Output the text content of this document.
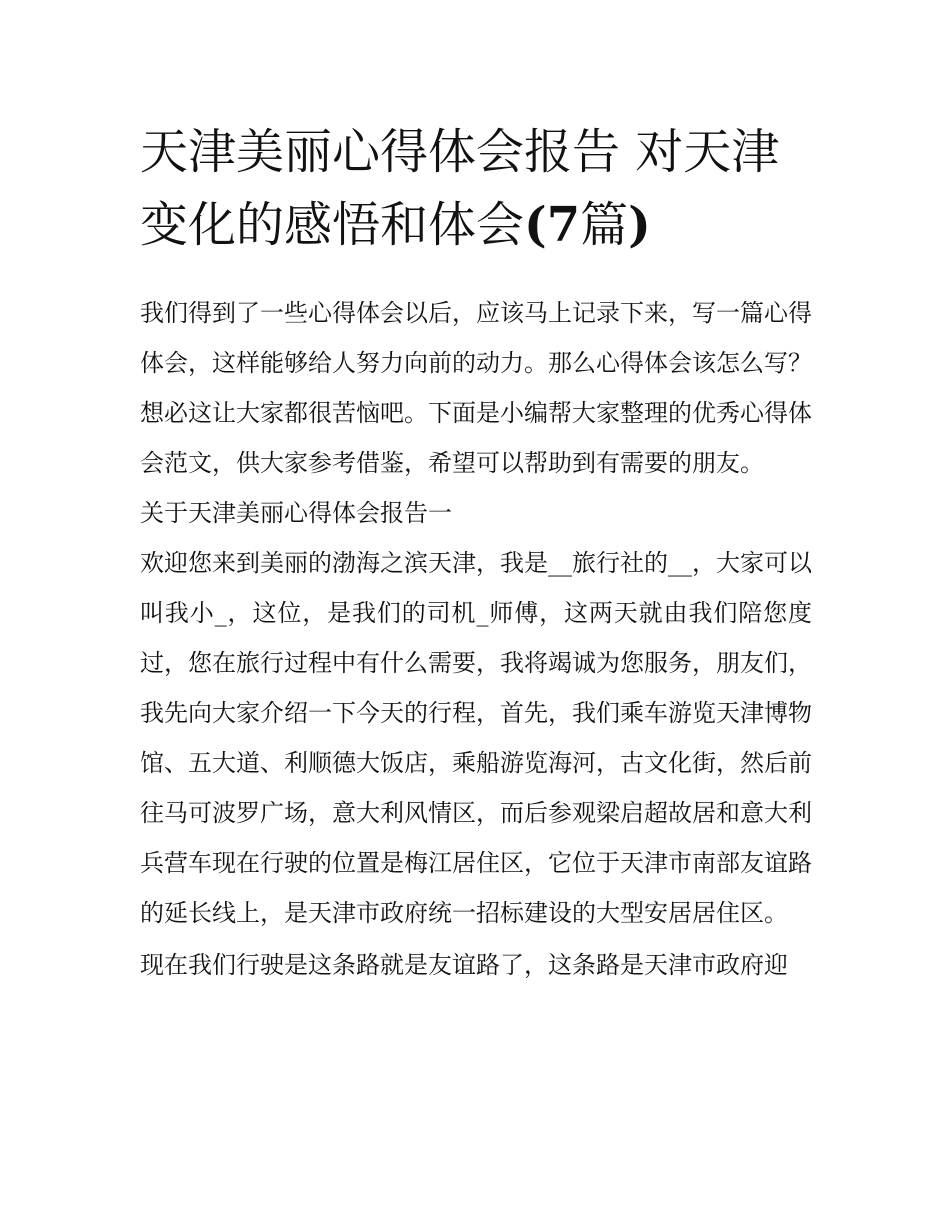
天津美丽心得体会报告 对天津变化的感悟和体会(7篇)

我们得到了一些心得体会以后，应该马上记录下来，写一篇心得体会，这样能够给人努力向前的动力。那么心得体会该怎么写？想必这让大家都很苦恼吧。下面是小编帮大家整理的优秀心得体会范文，供大家参考借鉴，希望可以帮助到有需要的朋友。

关于天津美丽心得体会报告一

欢迎您来到美丽的渤海之滨天津，我是__旅行社的__，大家可以叫我小_，这位，是我们的司机_师傅，这两天就由我们陪您度过，您在旅行过程中有什么需要，我将竭诚为您服务，朋友们，我先向大家介绍一下今天的行程，首先，我们乘车游览天津博物馆、五大道、利顺德大饭店，乘船游览海河，古文化街，然后前往马可波罗广场，意大利风情区，而后参观梁启超故居和意大利兵营车现在行驶的位置是梅江居住区，它位于天津市南部友谊路的延长线上，是天津市政府统一招标建设的大型安居居住区。

现在我们行驶是这条路就是友谊路了，这条路是天津市政府迎
